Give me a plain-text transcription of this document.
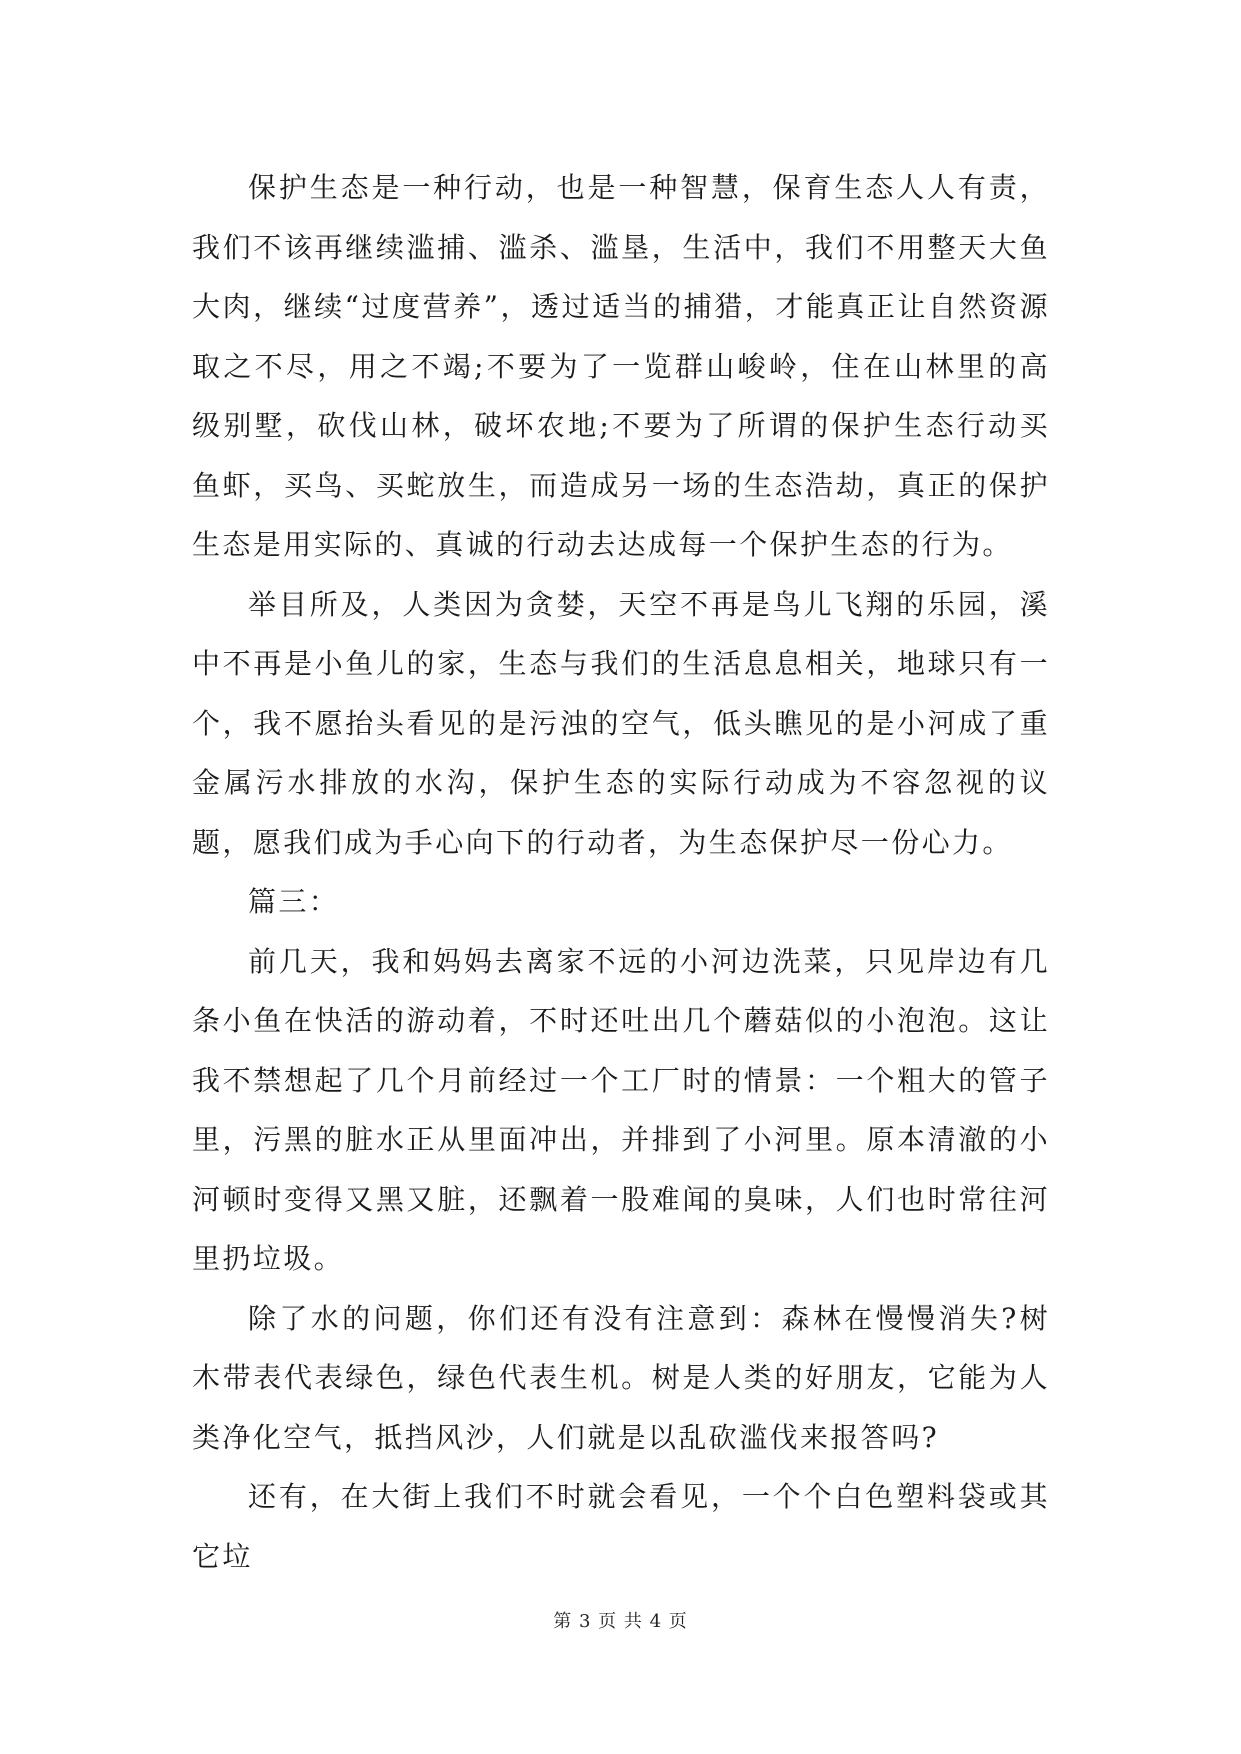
保护生态是一种行动，也是一种智慧，保育生态人人有责，我们不该再继续滥捕、滥杀、滥垦，生活中，我们不用整天大鱼大肉，继续“过度营养”，透过适当的捕猎，才能真正让自然资源取之不尽，用之不竭;不要为了一览群山峻岭，住在山林里的高级别墅，砍伐山林，破坏农地;不要为了所谓的保护生态行动买鱼虾，买鸟、买蛇放生，而造成另一场的生态浩劫，真正的保护生态是用实际的、真诚的行动去达成每一个保护生态的行为。

举目所及，人类因为贪婪，天空不再是鸟儿飞翔的乐园，溪中不再是小鱼儿的家，生态与我们的生活息息相关，地球只有一个，我不愿抬头看见的是污浊的空气，低头瞧见的是小河成了重金属污水排放的水沟，保护生态的实际行动成为不容忽视的议题，愿我们成为手心向下的行动者，为生态保护尽一份心力。

篇三：

前几天，我和妈妈去离家不远的小河边洗菜，只见岸边有几条小鱼在快活的游动着，不时还吐出几个蘑菇似的小泡泡。这让我不禁想起了几个月前经过一个工厂时的情景：一个粗大的管子里，污黑的脏水正从里面冲出，并排到了小河里。原本清澈的小河顿时变得又黑又脏，还飘着一股难闻的臭味，人们也时常往河里扔垃圾。

除了水的问题，你们还有没有注意到：森林在慢慢消失?树木带表代表绿色，绿色代表生机。树是人类的好朋友，它能为人类净化空气，抵挡风沙，人们就是以乱砍滥伐来报答吗?

还有，在大街上我们不时就会看见，一个个白色塑料袋或其它垃

第 3 页 共 4 页
